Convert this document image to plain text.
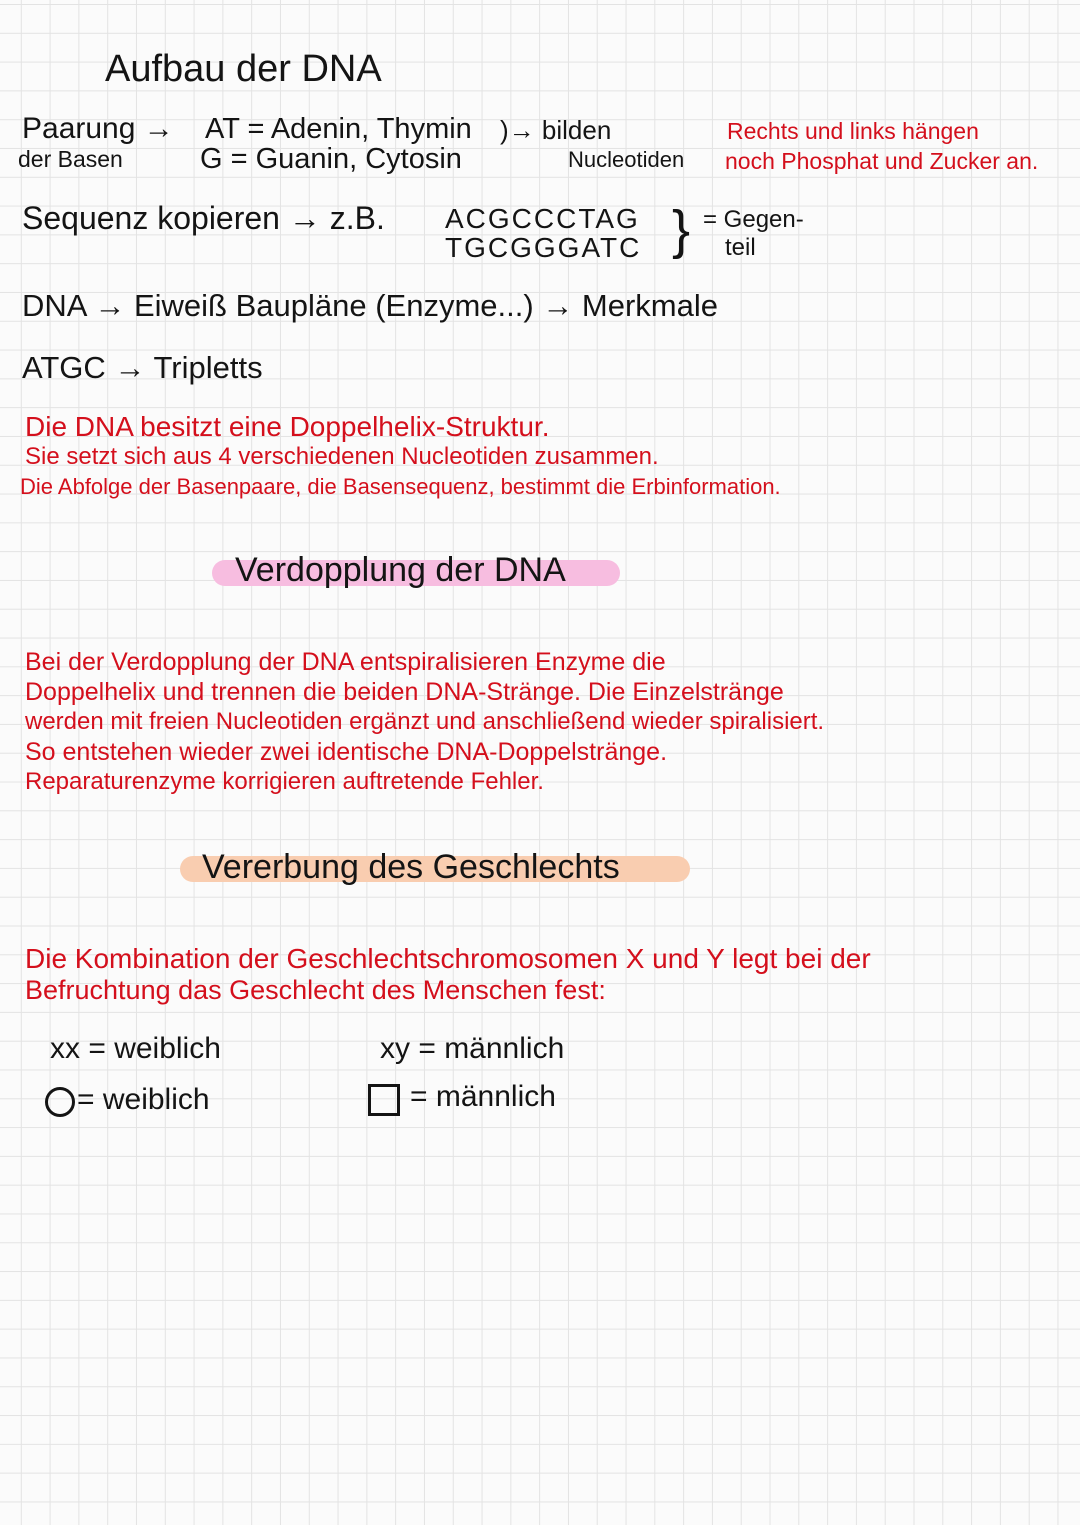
Aufbau der DNA
Paarung →
der Basen
AT = Adenin, Thymin
G = Guanin, Cytosin
)→ bilden
Nucleotiden
Rechts und links hängen
noch Phosphat und Zucker an.
Sequenz kopieren → z.B. ACGCCCTAG
TGCGGGATC } = Gegen-
teil
DNA → Eiweiß Baupläne (Enzyme...) → Merkmale
ATGC → Tripletts
Die DNA besitzt eine Doppelhelix-Struktur.
Sie setzt sich aus 4 verschiedenen Nucleotiden zusammen.
Die Abfolge der Basenpaare, die Basensequenz, bestimmt die Erbinformation.
Verdopplung der DNA
Bei der Verdopplung der DNA entspiralisieren Enzyme die
Doppelhelix und trennen die beiden DNA-Stränge. Die Einzelstränge
werden mit freien Nucleotiden ergänzt und anschließend wieder spiralisiert.
So entstehen wieder zwei identische DNA-Doppelstränge.
Reparaturenzyme korrigieren auftretende Fehler.
Vererbung des Geschlechts
Die Kombination der Geschlechtschromosomen X und Y legt bei der
Befruchtung das Geschlecht des Menschen fest:
xx = weiblich	xy = männlich
= weiblich	= männlich
